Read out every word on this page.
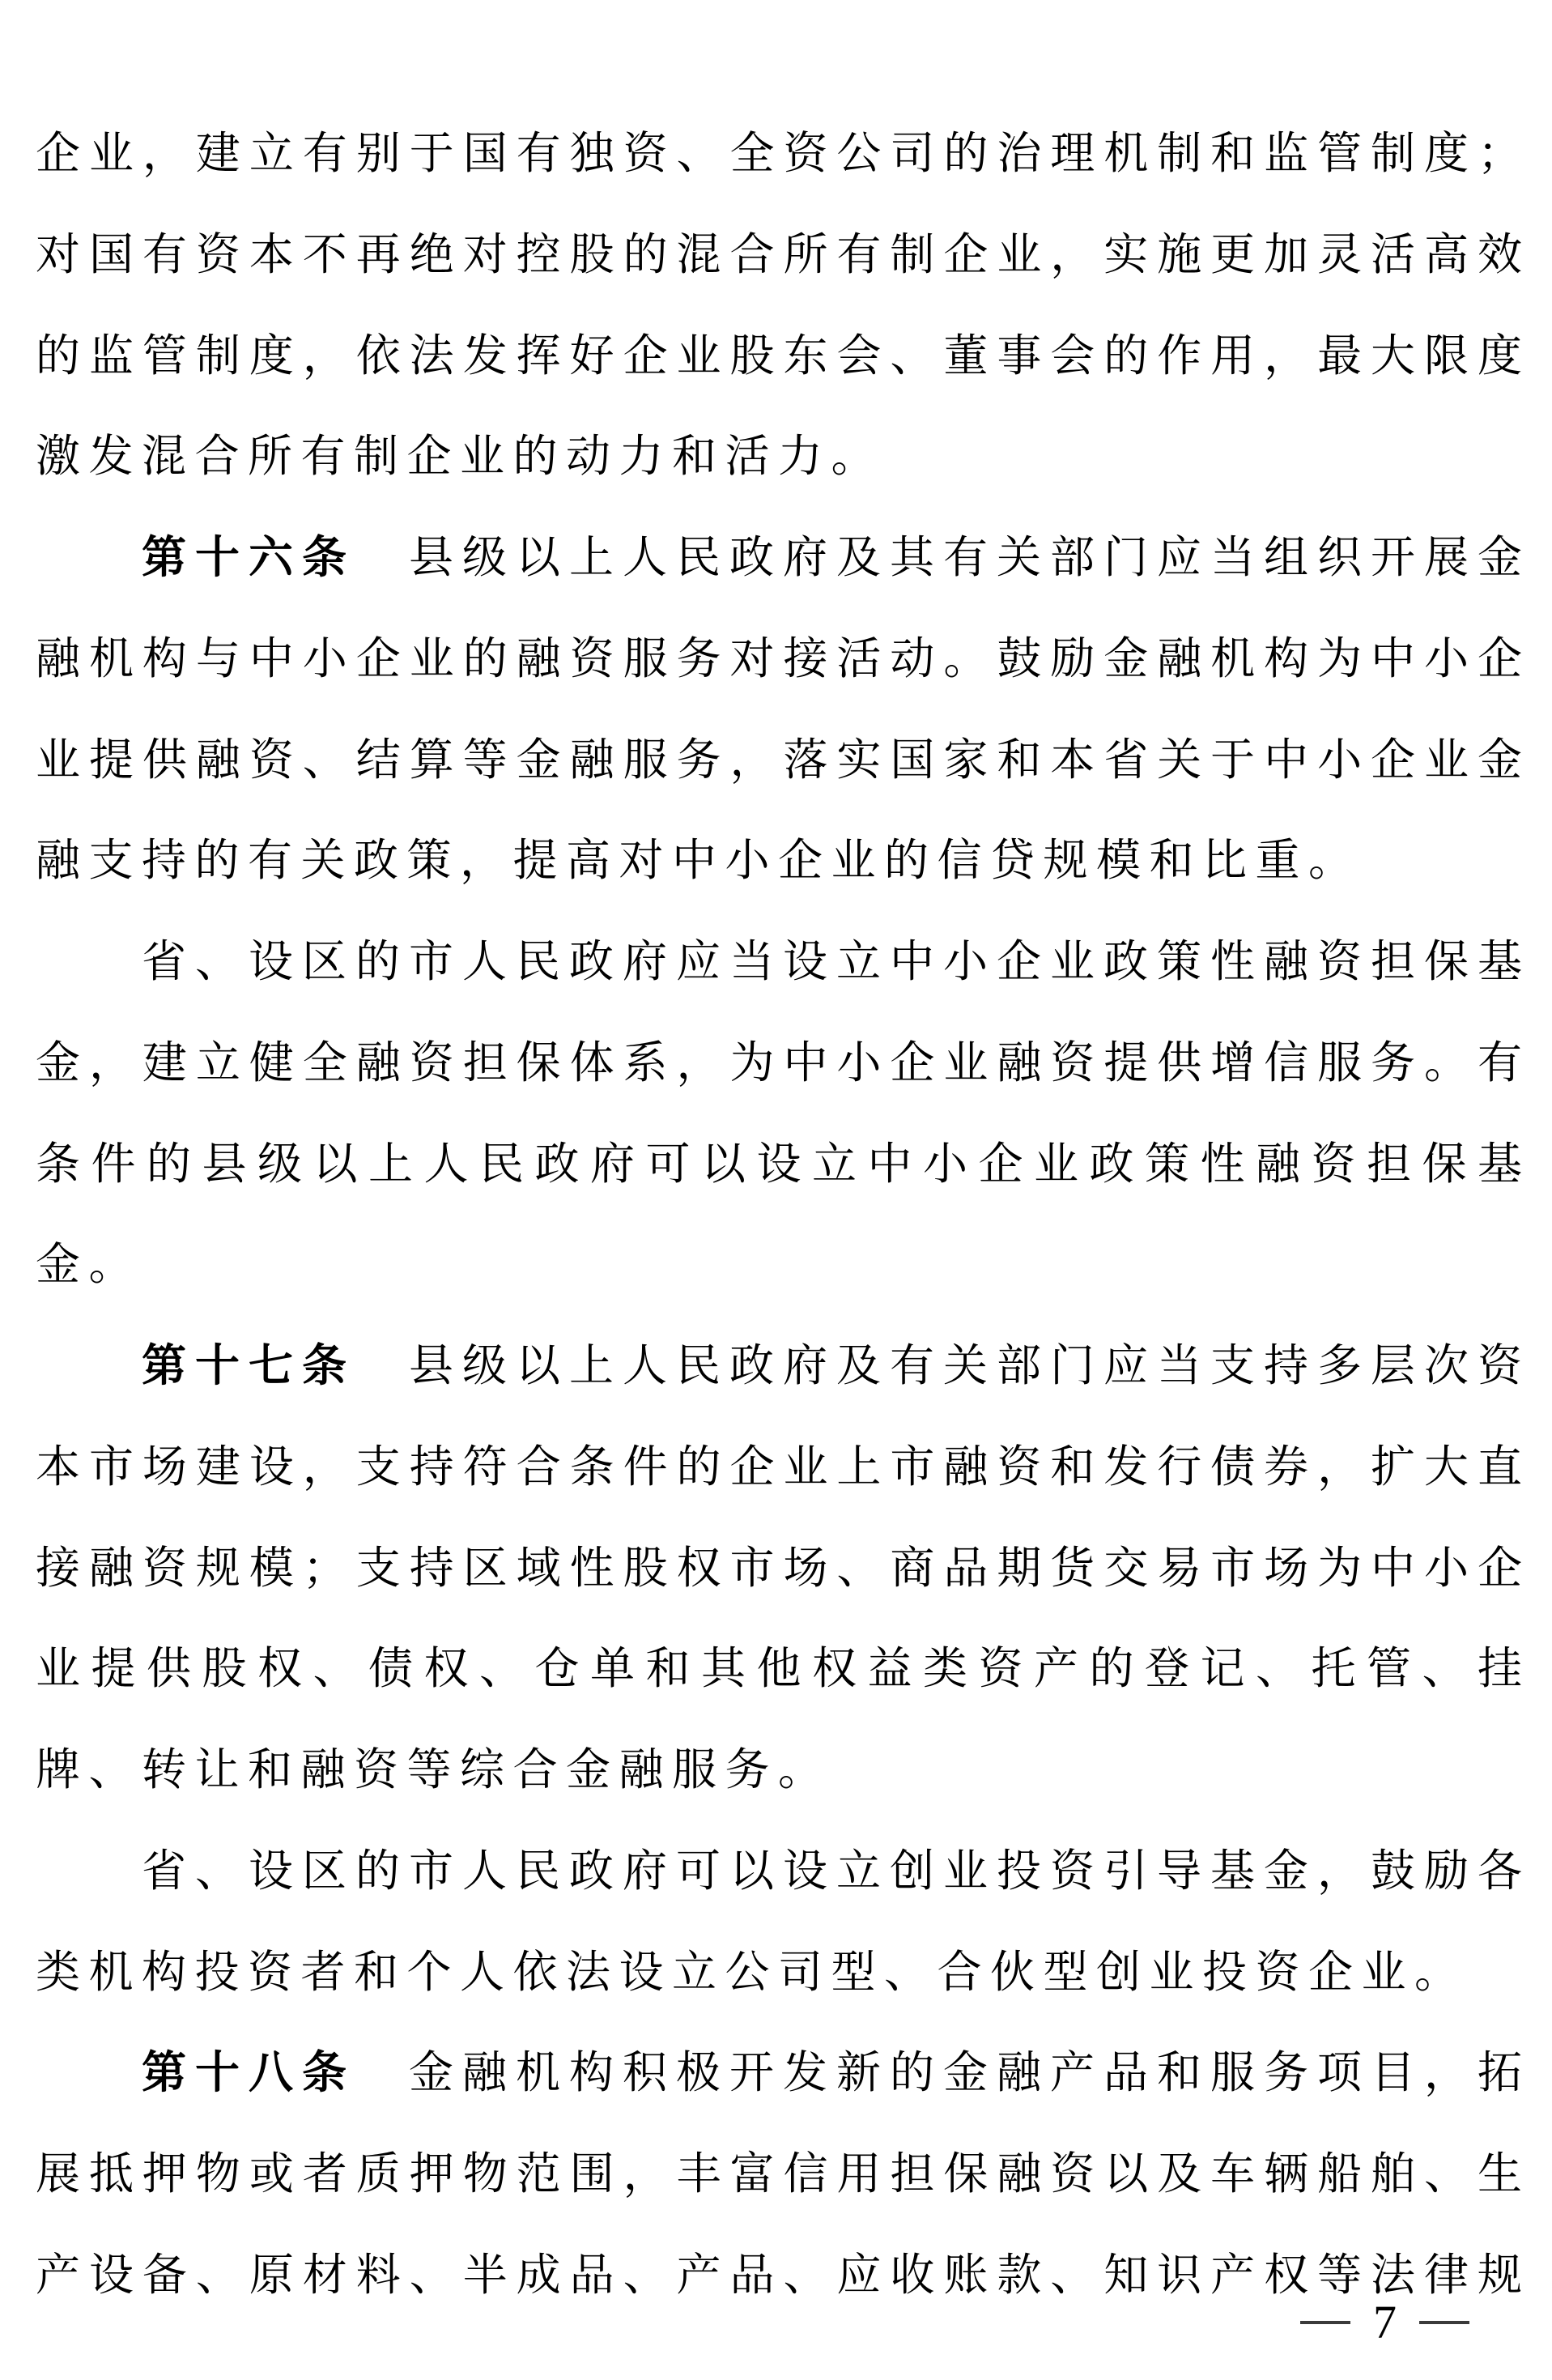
企业，建立有别于国有独资、全资公司的治理机制和监管制度；
对国有资本不再绝对控股的混合所有制企业，实施更加灵活高效
的监管制度，依法发挥好企业股东会、董事会的作用，最大限度
激发混合所有制企业的动力和活力。
第十六条　县级以上人民政府及其有关部门应当组织开展金
融机构与中小企业的融资服务对接活动。鼓励金融机构为中小企
业提供融资、结算等金融服务，落实国家和本省关于中小企业金
融支持的有关政策，提高对中小企业的信贷规模和比重。
省、设区的市人民政府应当设立中小企业政策性融资担保基
金，建立健全融资担保体系，为中小企业融资提供增信服务。有
条件的县级以上人民政府可以设立中小企业政策性融资担保基
金。
第十七条　县级以上人民政府及有关部门应当支持多层次资
本市场建设，支持符合条件的企业上市融资和发行债券，扩大直
接融资规模；支持区域性股权市场、商品期货交易市场为中小企
业提供股权、债权、仓单和其他权益类资产的登记、托管、挂
牌、转让和融资等综合金融服务。
省、设区的市人民政府可以设立创业投资引导基金，鼓励各
类机构投资者和个人依法设立公司型、合伙型创业投资企业。
第十八条　金融机构积极开发新的金融产品和服务项目，拓
展抵押物或者质押物范围，丰富信用担保融资以及车辆船舶、生
产设备、原材料、半成品、产品、应收账款、知识产权等法律规
7
